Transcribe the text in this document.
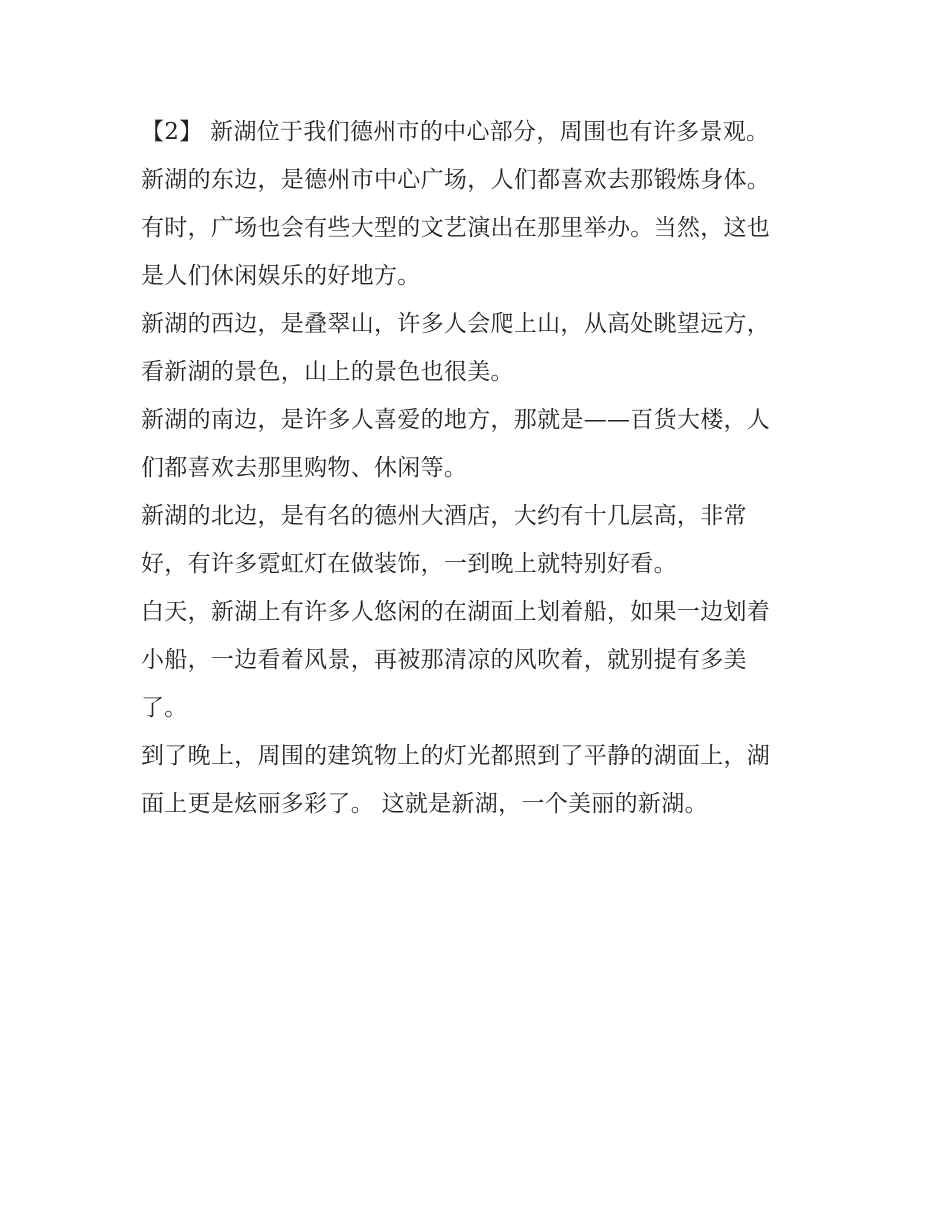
【2】 新湖位于我们德州市的中心部分，周围也有许多景观。
新湖的东边，是德州市中心广场，人们都喜欢去那锻炼身体。
有时，广场也会有些大型的文艺演出在那里举办。当然，这也
是人们休闲娱乐的好地方。
新湖的西边，是叠翠山，许多人会爬上山，从高处眺望远方，
看新湖的景色，山上的景色也很美。
新湖的南边，是许多人喜爱的地方，那就是——百货大楼，人
们都喜欢去那里购物、休闲等。
新湖的北边，是有名的德州大酒店，大约有十几层高，非常
好，有许多霓虹灯在做装饰，一到晚上就特别好看。
白天，新湖上有许多人悠闲的在湖面上划着船，如果一边划着
小船，一边看着风景，再被那清凉的风吹着，就别提有多美
了。
到了晚上，周围的建筑物上的灯光都照到了平静的湖面上，湖
面上更是炫丽多彩了。 这就是新湖，一个美丽的新湖。
